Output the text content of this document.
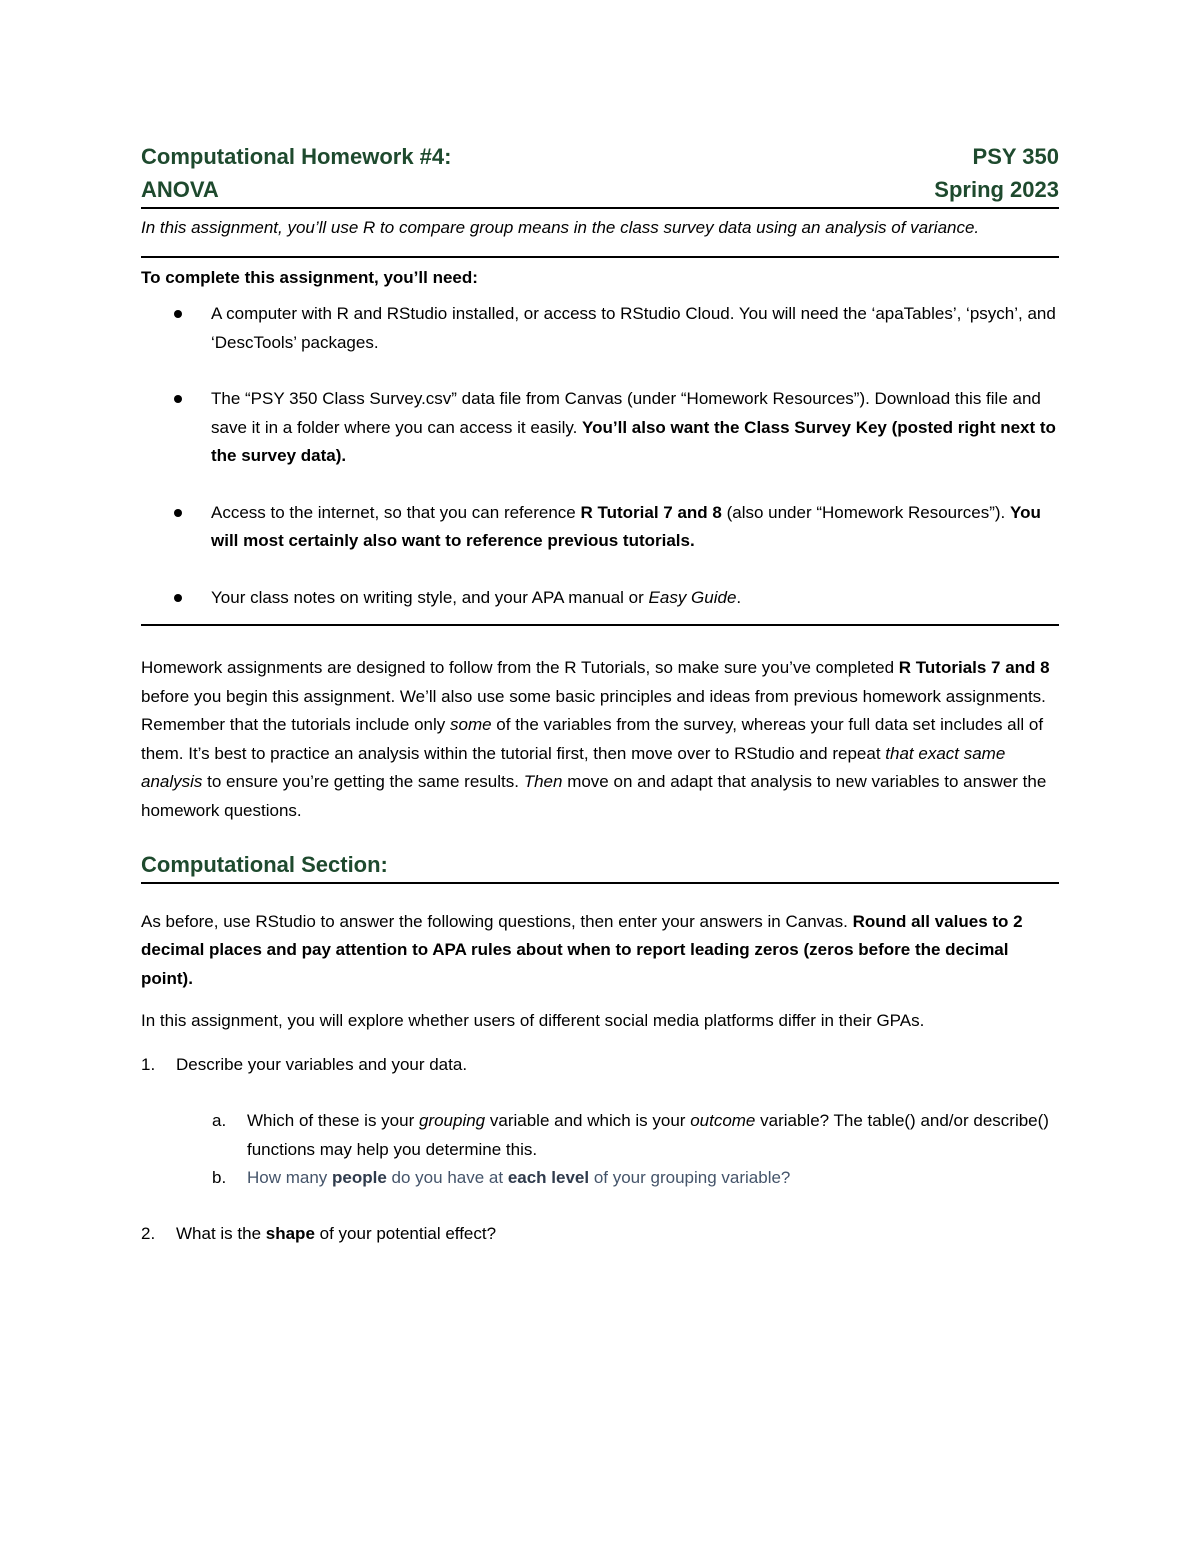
Computational Homework #4:	PSY 350
ANOVA	Spring 2023

In this assignment, you’ll use R to compare group means in the class survey data using an analysis of variance.

To complete this assignment, you’ll need:

A computer with R and RStudio installed, or access to RStudio Cloud. You will need the ‘apaTables’, ‘psych’, and ‘DescTools’ packages.
The “PSY 350 Class Survey.csv” data file from Canvas (under “Homework Resources”). Download this file and save it in a folder where you can access it easily. You’ll also want the Class Survey Key (posted right next to the survey data).
Access to the internet, so that you can reference R Tutorial 7 and 8 (also under “Homework Resources”). You will most certainly also want to reference previous tutorials.
Your class notes on writing style, and your APA manual or Easy Guide.

Homework assignments are designed to follow from the R Tutorials, so make sure you’ve completed R Tutorials 7 and 8 before you begin this assignment. We’ll also use some basic principles and ideas from previous homework assignments. Remember that the tutorials include only some of the variables from the survey, whereas your full data set includes all of them. It’s best to practice an analysis within the tutorial first, then move over to RStudio and repeat that exact same analysis to ensure you’re getting the same results. Then move on and adapt that analysis to new variables to answer the homework questions.

Computational Section:

As before, use RStudio to answer the following questions, then enter your answers in Canvas. Round all values to 2 decimal places and pay attention to APA rules about when to report leading zeros (zeros before the decimal point).

In this assignment, you will explore whether users of different social media platforms differ in their GPAs.

1. Describe your variables and your data.
a. Which of these is your grouping variable and which is your outcome variable? The table() and/or describe() functions may help you determine this.
b. How many people do you have at each level of your grouping variable?
2. What is the shape of your potential effect?
